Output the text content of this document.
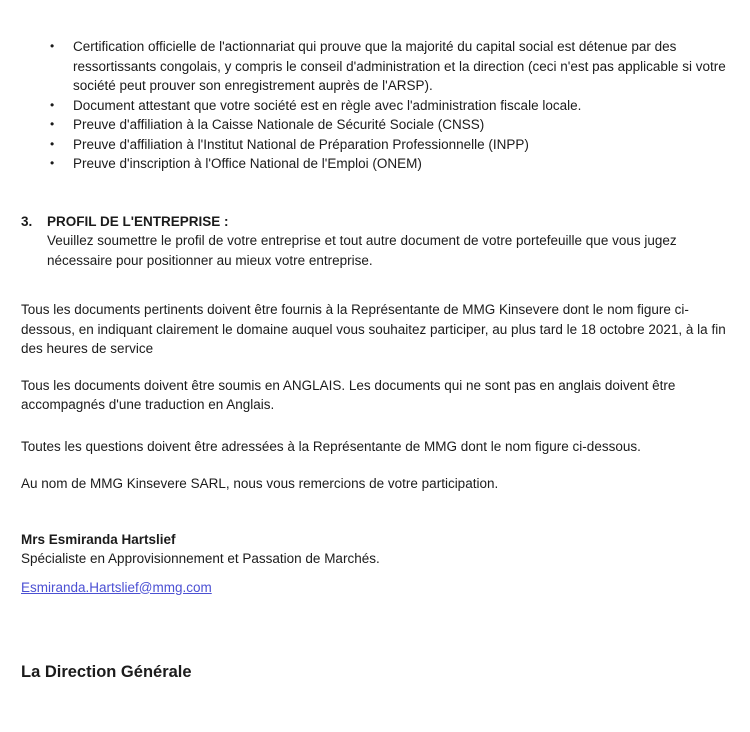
•	Certification officielle de l'actionnariat qui prouve que la majorité du capital social est détenue par des ressortissants congolais, y compris le conseil d'administration et la direction (ceci n'est pas applicable si votre société peut prouver son enregistrement auprès de l'ARSP).
•	Document attestant que votre société est en règle avec l'administration fiscale locale.
•	Preuve d'affiliation à la Caisse Nationale de Sécurité Sociale (CNSS)
•	Preuve d'affiliation à l'Institut National de Préparation Professionnelle (INPP)
•	Preuve d'inscription à l'Office National de l'Emploi (ONEM)
3.	PROFIL DE L'ENTREPRISE :
Veuillez soumettre le profil de votre entreprise et tout autre document de votre portefeuille que vous jugez nécessaire pour positionner au mieux votre entreprise.

Tous les documents pertinents doivent être fournis à la Représentante de MMG Kinsevere dont le nom figure ci-dessous, en indiquant clairement le domaine auquel vous souhaitez participer, au plus tard le 18 octobre 2021, à la fin des heures de service

Tous les documents doivent être soumis en ANGLAIS. Les documents qui ne sont pas en anglais doivent être accompagnés d'une traduction en Anglais.

Toutes les questions doivent être adressées à la Représentante de MMG dont le nom figure ci-dessous.

Au nom de MMG Kinsevere SARL, nous vous remercions de votre participation.

Mrs Esmiranda Hartslief
Spécialiste en Approvisionnement et Passation de Marchés.
Esmiranda.Hartslief@mmg.com
La Direction Générale
